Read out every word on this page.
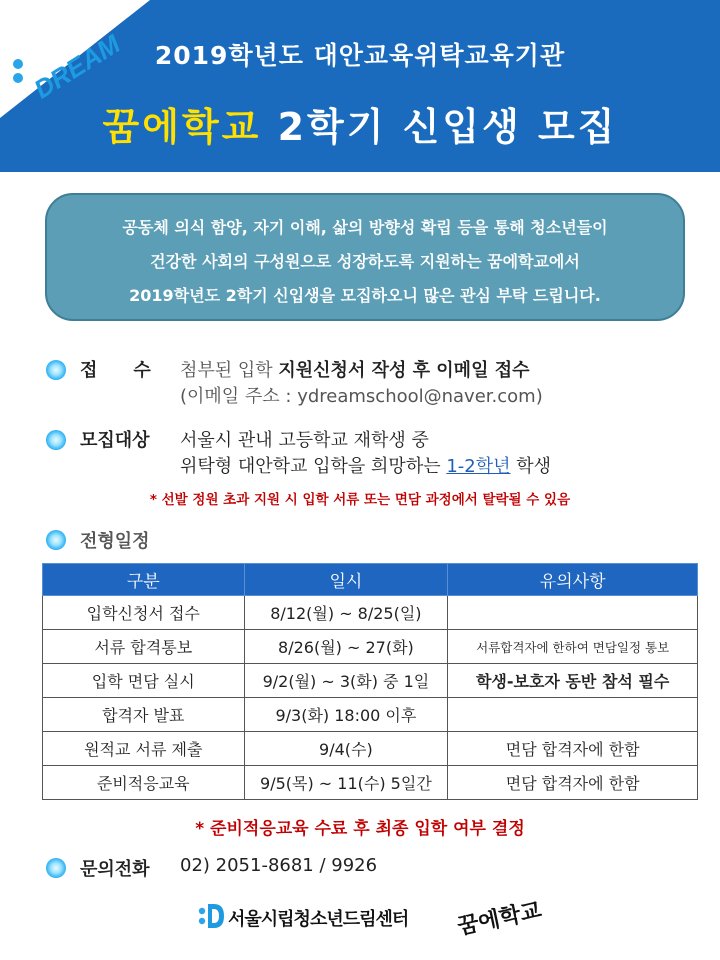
DREAM	2019학년도 대안교육위탁교육기관
꿈에학교 2학기 신입생 모집
공동체 의식 함양, 자기 이해, 삶의 방향성 확립 등을 통해 청소년들이
건강한 사회의 구성원으로 성장하도록 지원하는 꿈에학교에서
2019학년도 2학기 신입생을 모집하오니 많은 관심 부탁 드립니다.
접　　수 첨부된 입학 지원신청서 작성 후 이메일 접수
(이메일 주소 : ydreamschool@naver.com)
모집대상 서울시 관내 고등학교 재학생 중
위탁형 대안학교 입학을 희망하는 1-2학년 학생
* 선발 정원 초과 지원 시 입학 서류 또는 면담 과정에서 탈락될 수 있음
전형일정
구분	일시	유의사항
입학신청서 접수	8/12(월) ~ 8/25(일)	
서류 합격통보	8/26(월) ~ 27(화)	서류합격자에 한하여 면담일정 통보
입학 면담 실시	9/2(월) ~ 3(화) 중 1일	학생-보호자 동반 참석 필수
합격자 발표	9/3(화) 18:00 이후	
원적교 서류 제출	9/4(수)	면담 합격자에 한함
준비적응교육	9/5(목) ~ 11(수) 5일간	면담 합격자에 한함
* 준비적응교육 수료 후 최종 입학 여부 결정
문의전화 02) 2051-8681 / 9926
서울시립청소년드림센터 꿈에학교
